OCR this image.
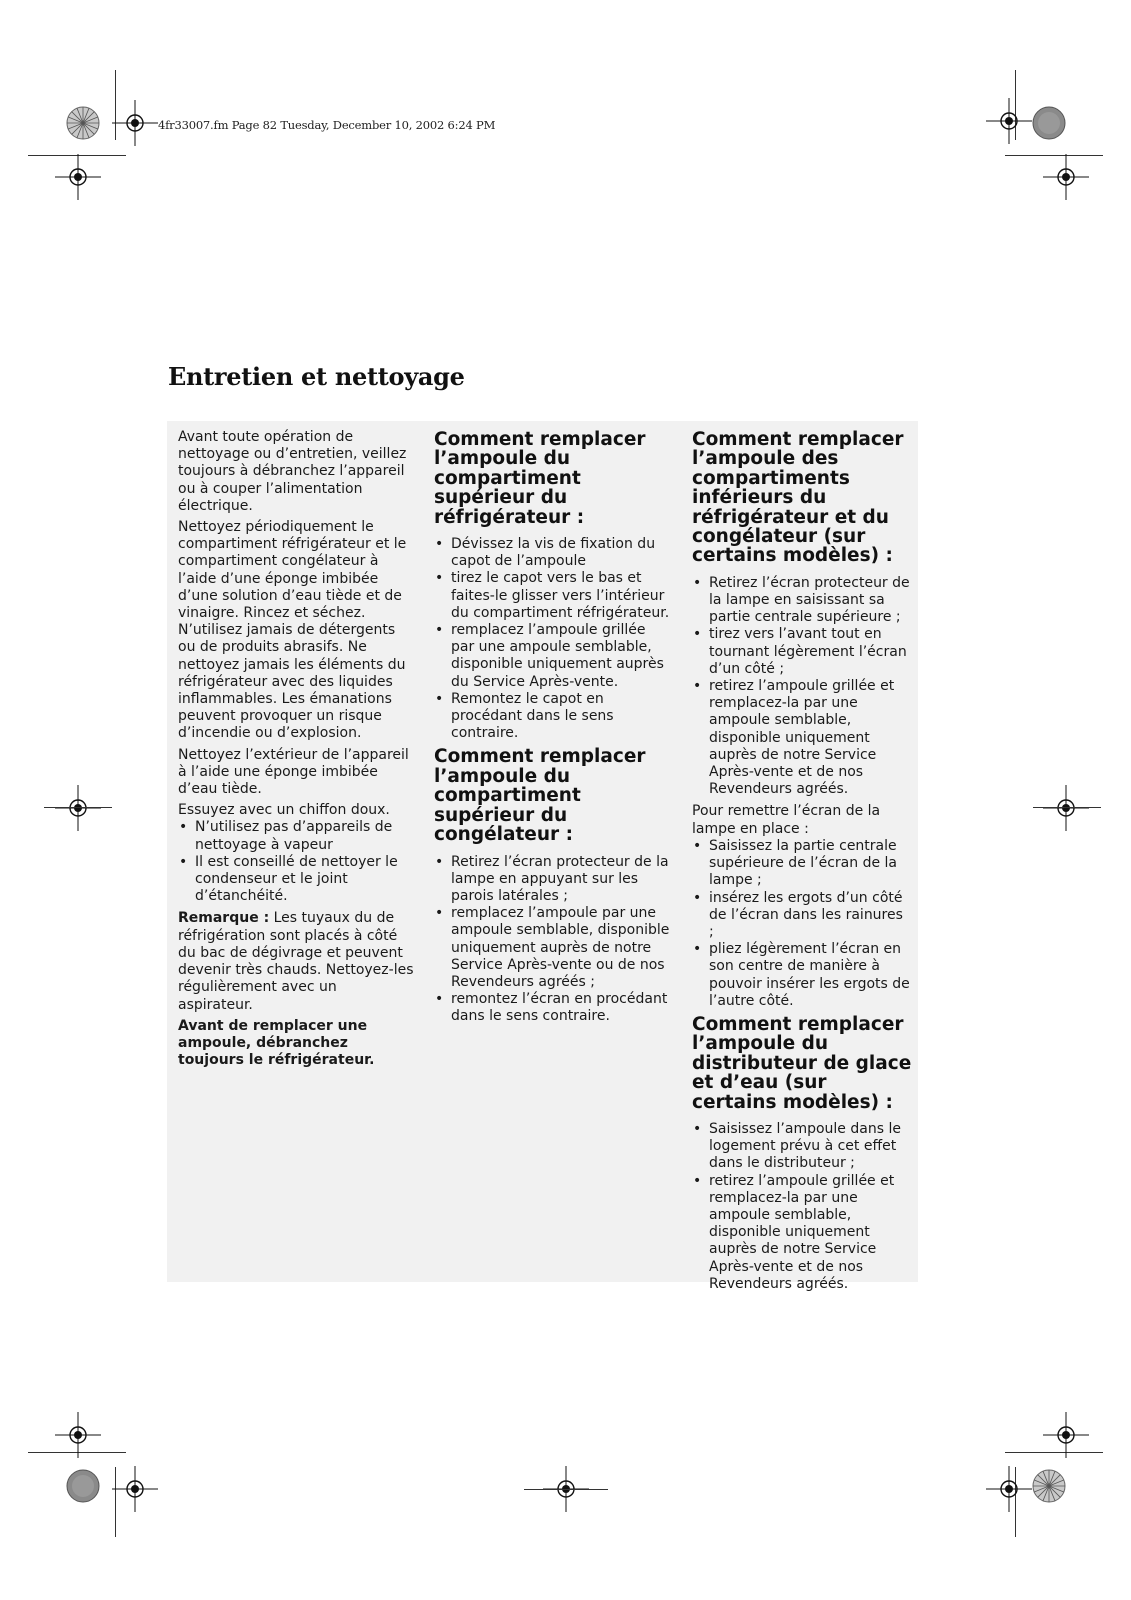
4fr33007.fm Page 82 Tuesday, December 10, 2002 6:24 PM
Entretien et nettoyage

Avant toute opération de nettoyage ou d’entretien, veillez toujours à débranchez l’appareil ou à couper l’alimentation électrique.

Nettoyez périodiquement le compartiment réfrigérateur et le compartiment congélateur à l’aide d’une éponge imbibée d’une solution d’eau tiède et de vinaigre. Rincez et séchez. N’utilisez jamais de détergents ou de produits abrasifs. Ne nettoyez jamais les éléments du réfrigérateur avec des liquides inflammables. Les émanations peuvent provoquer un risque d’incendie ou d’explosion.

Nettoyez l’extérieur de l’appareil à l’aide une éponge imbibée d’eau tiède.

Essuyez avec un chiffon doux.

• N’utilisez pas d’appareils de nettoyage à vapeur
• Il est conseillé de nettoyer le condenseur et le joint d’étanchéité.

Remarque : Les tuyaux du de réfrigération sont placés à côté du bac de dégivrage et peuvent devenir très chauds. Nettoyez-les régulièrement avec un aspirateur.

Avant de remplacer une ampoule, débranchez toujours le réfrigérateur.

Comment remplacer l’ampoule du compartiment supérieur du réfrigérateur :
• Dévissez la vis de fixation du capot de l’ampoule
• tirez le capot vers le bas et faites-le glisser vers l’intérieur du compartiment réfrigérateur.
• remplacez l’ampoule grillée par une ampoule semblable, disponible uniquement auprès du Service Après-vente.
• Remontez le capot en procédant dans le sens contraire.
Comment remplacer l’ampoule du compartiment supérieur du congélateur :
• Retirez l’écran protecteur de la lampe en appuyant sur les parois latérales ;
• remplacez l’ampoule par une ampoule semblable, disponible uniquement auprès de notre Service Après-vente ou de nos Revendeurs agréés ;
• remontez l’écran en procédant dans le sens contraire.
Comment remplacer l’ampoule des compartiments inférieurs du réfrigérateur et du congélateur (sur certains modèles) :
• Retirez l’écran protecteur de la lampe en saisissant sa partie centrale supérieure ;
• tirez vers l’avant tout en tournant légèrement l’écran d’un côté ;
• retirez l’ampoule grillée et remplacez-la par une ampoule semblable, disponible uniquement auprès de notre Service Après-vente et de nos Revendeurs agréés.

Pour remettre l’écran de la lampe en place :

• Saisissez la partie centrale supérieure de l’écran de la lampe ;
• insérez les ergots d’un côté de l’écran dans les rainures ;
• pliez légèrement l’écran en son centre de manière à pouvoir insérer les ergots de l’autre côté.
Comment remplacer l’ampoule du distributeur de glace et d’eau (sur certains modèles) :
• Saisissez l’ampoule dans le logement prévu à cet effet dans le distributeur ;
• retirez l’ampoule grillée et remplacez-la par une ampoule semblable, disponible uniquement auprès de notre Service Après-vente et de nos Revendeurs agréés.
